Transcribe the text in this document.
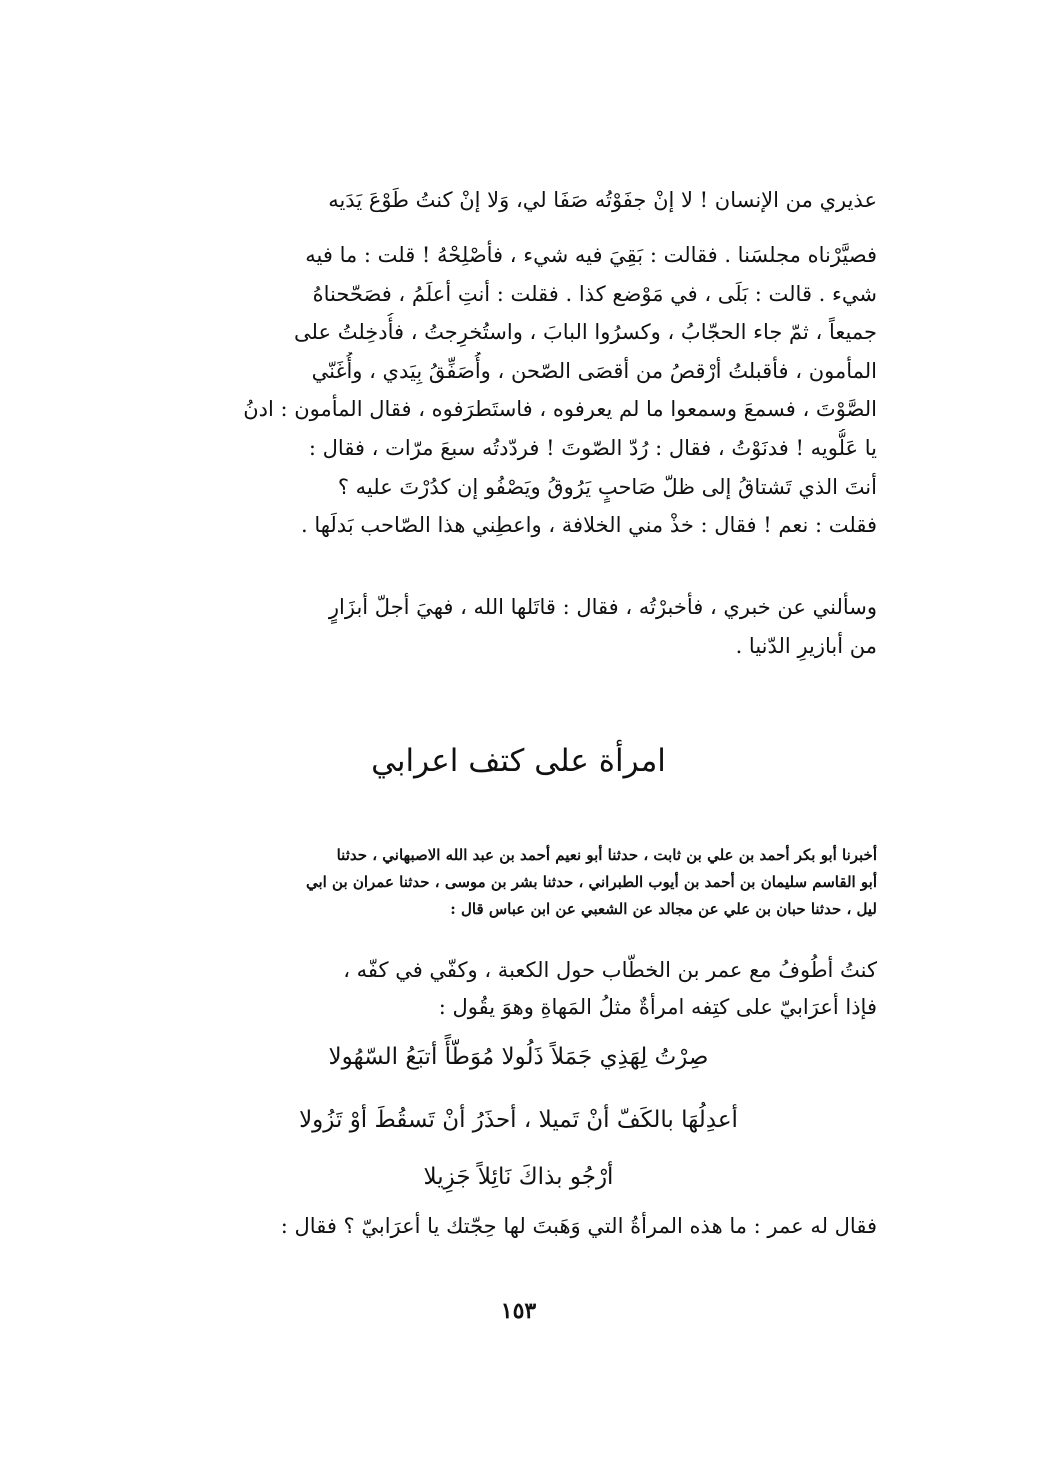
عذيري من الإنسان ! لا إنْ جفَوْتُه صَفَا لي، وَلا إنْ كنتُ طَوْعَ يَدَيه
فصيَّرْناه مجلسَنا . فقالت : بَقِيَ فيه شيء ، فأصْلِحْهُ ! قلت : ما فيه
شيء . قالت : بَلَى ، في مَوْضع كذا . فقلت : أنتِ أعلَمُ ، فصَحّحناهُ
جميعاً ، ثمّ جاء الحجّابُ ، وكسرُوا البابَ ، واستُخرِجتُ ، فأُدخِلتُ على
المأمون ، فأقبلتُ أرْقصُ من أقصَى الصّحن ، وأُصَفِّقُ بِيَدي ، وأُغَنّي
الصَّوْتَ ، فسمعَ وسمعوا ما لم يعرفوه ، فاستَطرَفوه ، فقال المأمون : ادنُ
يا عَلُّويه ! فدنَوْتُ ، فقال : رُدّ الصّوتَ ! فردّدتُه سبعَ مرّات ، فقال :
أنتَ الذي تَشتاقُ إلى ظلّ صَاحبٍ يَرُوقُ ويَصْفُو إن كدُرْتَ عليه ؟
فقلت : نعم ! فقال : خذْ مني الخلافة ، واعطِني هذا الصّاحب بَدلَها .
وسألني عن خبري ، فأخبرْتُه ، فقال : قاتَلها الله ، فهيَ أجلّ أبزَارٍ
من أبازيرِ الدّنيا .
امرأة على كتف اعرابي
أخبرنا أبو بكر أحمد بن علي بن ثابت ، حدثنا أبو نعيم أحمد بن عبد الله الاصبهاني ، حدثنا
أبو القاسم سليمان بن أحمد بن أيوب الطبراني ، حدثنا بشر بن موسى ، حدثنا عمران بن ابي
ليل ، حدثنا حبان بن علي عن مجالد عن الشعبي عن ابن عباس قال :
كنتُ أطُوفُ مع عمر بن الخطّاب حول الكعبة ، وكفّي في كفّه ،
فإذا أعرَابيّ على كتِفه امرأةٌ مثلُ المَهاةِ وهوَ يقُول :
صِرْتُ لِهَذِي جَمَلاً ذَلُولا مُوَطّأً أتبَعُ السّهُولا
أعدِلُهَا بالكَفّ أنْ تَميلا ، أحذَرُ أنْ تَسقُطَ أوْ تَزُولا
أرْجُو بذاكَ نَائِلاً جَزِيلا
فقال له عمر : ما هذه المرأةُ التي وَهَبتَ لها حِجّتك يا أعرَابيّ ؟ فقال :
١٥٣
